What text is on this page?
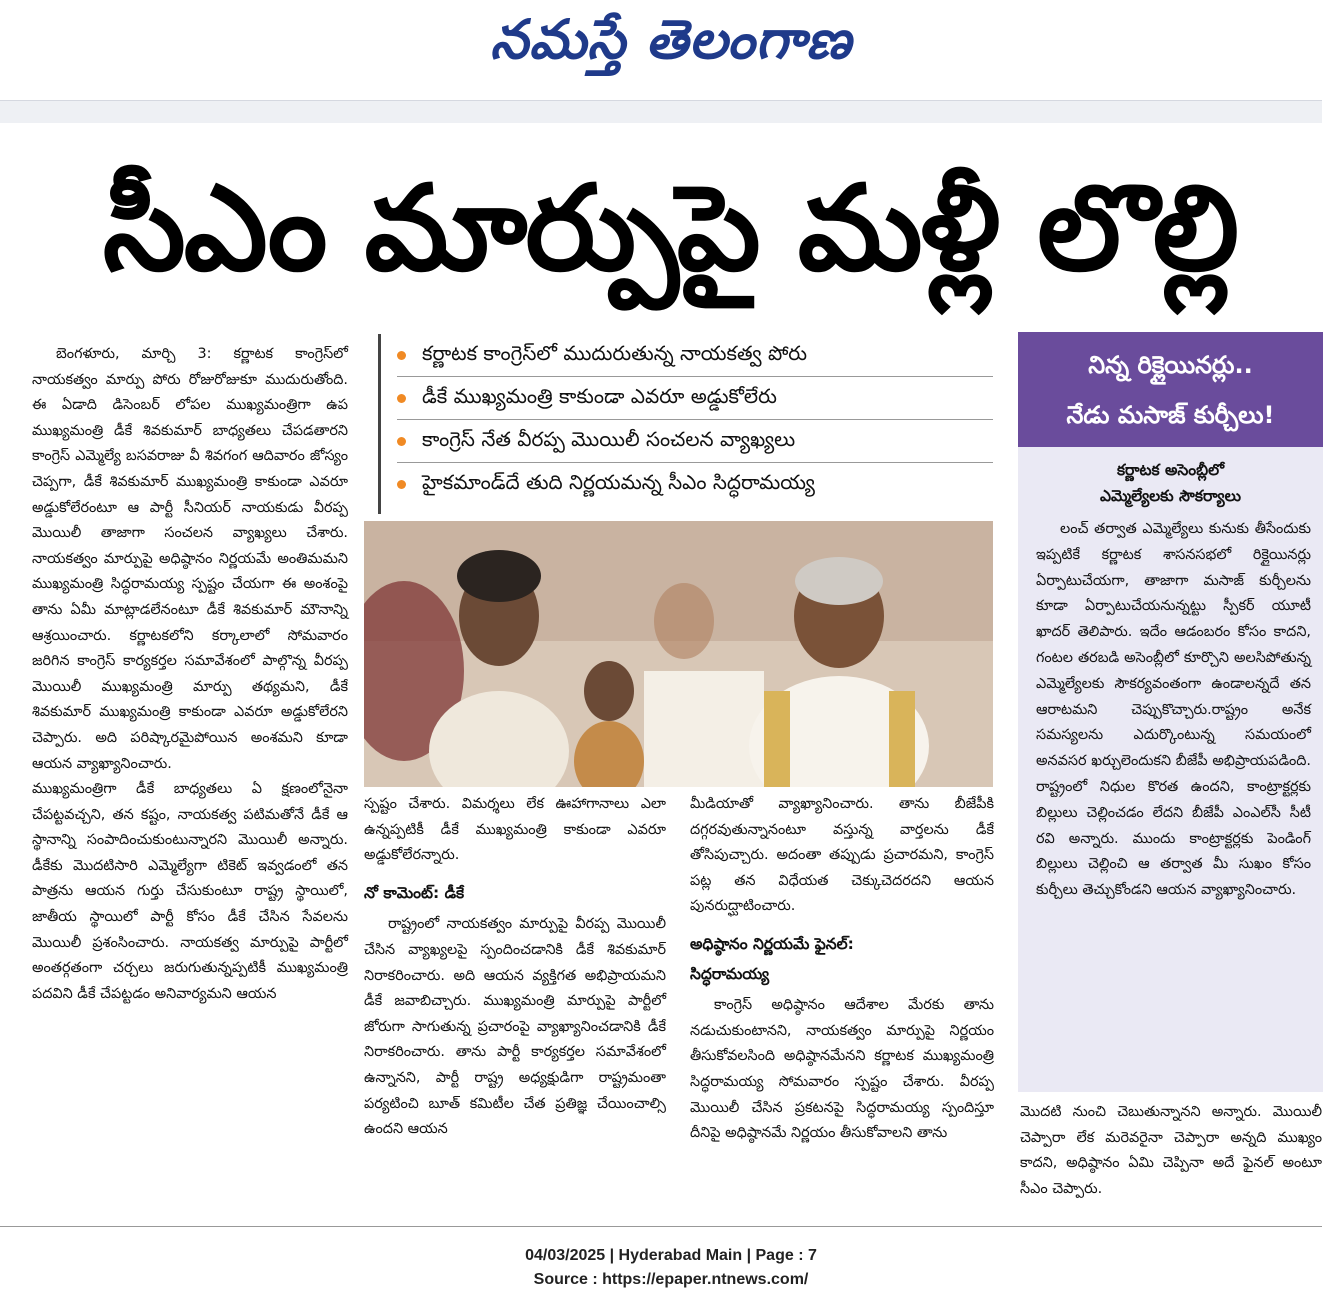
నమస్తే తెలంగాణ
సీఎం మార్పుపై మళ్లీ లొల్లి

బెంగళూరు, మార్చి 3: కర్ణాటక కాంగ్రెస్‌లో నాయకత్వం మార్పు పోరు రోజురోజుకూ ముదురుతోంది. ఈ ఏడాది డిసెంబర్ లోపల ముఖ్యమంత్రిగా ఉప ముఖ్యమంత్రి డీకే శివకుమార్ బాధ్యతలు చేపడతారని కాంగ్రెస్ ఎమ్మెల్యే బసవరాజు వీ శివగంగ ఆదివారం జోస్యం చెప్పగా, డీకే శివకుమార్ ముఖ్యమంత్రి కాకుండా ఎవరూ అడ్డుకోలేరంటూ ఆ పార్టీ సీనియర్ నాయకుడు వీరప్ప మొయిలీ తాజాగా సంచలన వ్యాఖ్యలు చేశారు. నాయకత్వం మార్పుపై అధిష్ఠానం నిర్ణయమే అంతిమమని ముఖ్యమంత్రి సిద్ధరామయ్య స్పష్టం చేయగా ఈ అంశంపై తాను ఏమీ మాట్లాడలేనంటూ డీకే శివకుమార్ మౌనాన్ని ఆశ్రయించారు. కర్ణాటకలోని కర్కాలాలో సోమవారం జరిగిన కాంగ్రెస్ కార్యకర్తల సమావేశంలో పాల్గొన్న వీరప్ప మొయిలీ ముఖ్యమంత్రి మార్పు తథ్యమని, డీకే శివకుమార్ ముఖ్యమంత్రి కాకుండా ఎవరూ అడ్డుకోలేరని చెప్పారు. అది పరిష్కారమైపోయిన అంశమని కూడా ఆయన వ్యాఖ్యానించారు.

ముఖ్యమంత్రిగా డీకే బాధ్యతలు ఏ క్షణంలోనైనా చేపట్టవచ్చని, తన కష్టం, నాయకత్వ పటిమతోనే డీకే ఆ స్థానాన్ని సంపాదించుకుంటున్నారని మొయిలీ అన్నారు. డీకేకు మొదటిసారి ఎమ్మెల్యేగా టికెట్ ఇవ్వడంలో తన పాత్రను ఆయన గుర్తు చేసుకుంటూ రాష్ట్ర స్థాయిలో, జాతీయ స్థాయిలో పార్టీ కోసం డీకే చేసిన సేవలను మొయిలీ ప్రశంసించారు. నాయకత్వ మార్పుపై పార్టీలో అంతర్గతంగా చర్చలు జరుగుతున్నప్పటికీ ముఖ్యమంత్రి పదవిని డీకే చేపట్టడం అనివార్యమని ఆయన

కర్ణాటక కాంగ్రెస్‌లో ముదురుతున్న నాయకత్వ పోరు
డీకే ముఖ్యమంత్రి కాకుండా ఎవరూ అడ్డుకోలేరు
కాంగ్రెస్ నేత వీరప్ప మొయిలీ సంచలన వ్యాఖ్యలు
హైకమాండ్‌దే తుది నిర్ణయమన్న సీఎం సిద్ధరామయ్య
స్పష్టం చేశారు. విమర్శలు లేక ఊహాగానాలు ఎలా ఉన్నప్పటికీ డీకే ముఖ్యమంత్రి కాకుండా ఎవరూ అడ్డుకోలేరన్నారు.
నో కామెంట్: డీకే
రాష్ట్రంలో నాయకత్వం మార్పుపై వీరప్ప మొయిలీ చేసిన వ్యాఖ్యలపై స్పందించడానికి డీకే శివకుమార్ నిరాకరించారు. అది ఆయన వ్యక్తిగత అభిప్రాయమని డీకే జవాబిచ్చారు. ముఖ్యమంత్రి మార్పుపై పార్టీలో జోరుగా సాగుతున్న ప్రచారంపై వ్యాఖ్యానించడానికి డీకే నిరాకరించారు. తాను పార్టీ కార్యకర్తల సమావేశంలో ఉన్నానని, పార్టీ రాష్ట్ర అధ్యక్షుడిగా రాష్ట్రమంతా పర్యటించి బూత్ కమిటీల చేత ప్రతిజ్ఞ చేయించాల్సి ఉందని ఆయన
మీడియాతో వ్యాఖ్యానించారు. తాను బీజేపీకి దగ్గరవుతున్నానంటూ వస్తున్న వార్తలను డీకే తోసిపుచ్చారు. అదంతా తప్పుడు ప్రచారమని, కాంగ్రెస్ పట్ల తన విధేయత చెక్కుచెదరదని ఆయన పునరుద్ఘాటించారు.
అధిష్ఠానం నిర్ణయమే ఫైనల్:
సిద్ధరామయ్య
కాంగ్రెస్ అధిష్ఠానం ఆదేశాల మేరకు తాను నడుచుకుంటానని, నాయకత్వం మార్పుపై నిర్ణయం తీసుకోవలసింది అధిష్ఠానమేనని కర్ణాటక ముఖ్యమంత్రి సిద్ధరామయ్య సోమవారం స్పష్టం చేశారు. వీరప్ప మొయిలీ చేసిన ప్రకటనపై సిద్ధరామయ్య స్పందిస్తూ దీనిపై అధిష్ఠానమే నిర్ణయం తీసుకోవాలని తాను
నిన్న రిక్లైయినర్లు..
నేడు మసాజ్ కుర్చీలు!
కర్ణాటక అసెంబ్లీలో
ఎమ్మెల్యేలకు సౌకర్యాలు

లంచ్ తర్వాత ఎమ్మెల్యేలు కునుకు తీసేందుకు ఇప్పటికే కర్ణాటక శాసనసభలో రిక్లైయినర్లు ఏర్పాటుచేయగా, తాజాగా మసాజ్ కుర్చీలను కూడా ఏర్పాటుచేయనున్నట్టు స్పీకర్ యూటీ ఖాదర్ తెలిపారు. ఇదేం ఆడంబరం కోసం కాదని, గంటల తరబడి అసెంబ్లీలో కూర్చొని అలసిపోతున్న ఎమ్మెల్యేలకు సౌకర్యవంతంగా ఉండాలన్నదే తన ఆరాటమని చెప్పుకొచ్చారు.రాష్ట్రం అనేక సమస్యలను ఎదుర్కొంటున్న సమయంలో అనవసర ఖర్చులెందుకని బీజేపీ అభిప్రాయపడింది. రాష్ట్రంలో నిధుల కొరత ఉందని, కాంట్రాక్టర్లకు బిల్లులు చెల్లించడం లేదని బీజేపీ ఎంఎల్‌సీ సీటీ రవి అన్నారు. ముందు కాంట్రాక్టర్లకు పెండింగ్ బిల్లులు చెల్లించి ఆ తర్వాత మీ సుఖం కోసం కుర్చీలు తెచ్చుకోండని ఆయన వ్యాఖ్యానించారు.

మొదటి నుంచి చెబుతున్నానని అన్నారు. మొయిలీ చెప్పారా లేక మరెవరైనా చెప్పారా అన్నది ముఖ్యం కాదని, అధిష్ఠానం ఏమి చెప్పినా అదే ఫైనల్ అంటూ సీఎం చెప్పారు.
04/03/2025 | Hyderabad Main | Page : 7
Source : https://epaper.ntnews.com/
